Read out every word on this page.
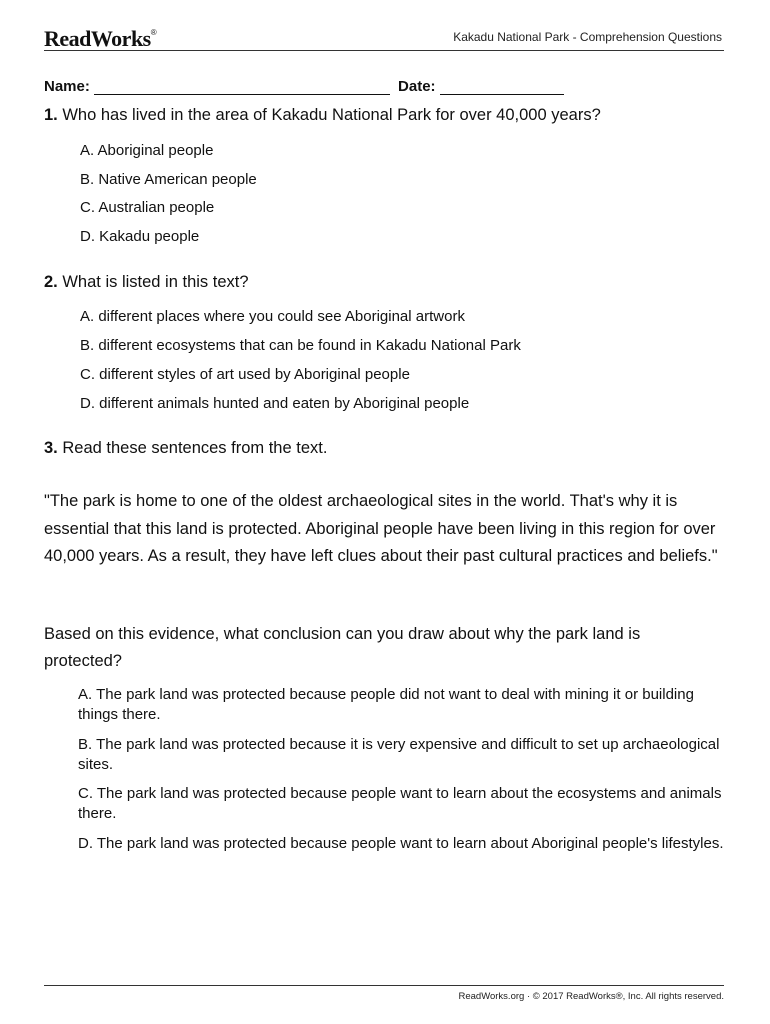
ReadWorks®	Kakadu National Park - Comprehension Questions
Name:	Date:
1. Who has lived in the area of Kakadu National Park for over 40,000 years?
A. Aboriginal people
B. Native American people
C. Australian people
D. Kakadu people
2. What is listed in this text?
A. different places where you could see Aboriginal artwork
B. different ecosystems that can be found in Kakadu National Park
C. different styles of art used by Aboriginal people
D. different animals hunted and eaten by Aboriginal people
3. Read these sentences from the text.
"The park is home to one of the oldest archaeological sites in the world. That's why it is essential that this land is protected. Aboriginal people have been living in this region for over 40,000 years. As a result, they have left clues about their past cultural practices and beliefs."
Based on this evidence, what conclusion can you draw about why the park land is protected?
A. The park land was protected because people did not want to deal with mining it or building things there.
B. The park land was protected because it is very expensive and difficult to set up archaeological sites.
C. The park land was protected because people want to learn about the ecosystems and animals there.
D. The park land was protected because people want to learn about Aboriginal people's lifestyles.
ReadWorks.org · © 2017 ReadWorks®, Inc. All rights reserved.
